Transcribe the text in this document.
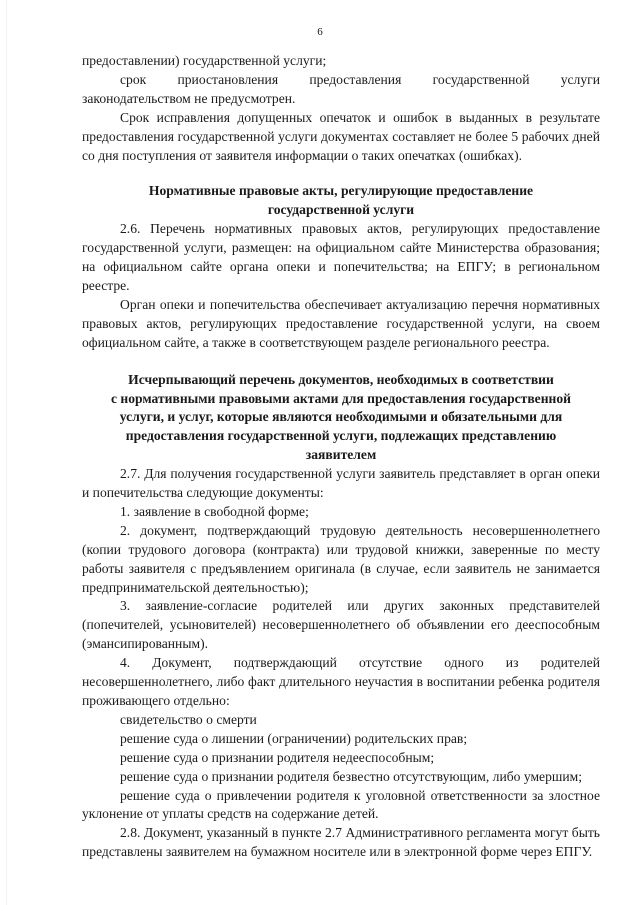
6

предоставлении) государственной услуги;

срок приостановления предоставления государственной услуги законодательством не предусмотрен.

Срок исправления допущенных опечаток и ошибок в выданных в результате предоставления государственной услуги документах составляет не более 5 рабочих дней со дня поступления от заявителя информации о таких опечатках (ошибках).

Нормативные правовые акты, регулирующие предоставление

государственной услуги

2.6. Перечень нормативных правовых актов, регулирующих предоставление государственной услуги, размещен: на официальном сайте Министерства образования; на официальном сайте органа опеки и попечительства; на ЕПГУ; в региональном реестре.

Орган опеки и попечительства обеспечивает актуализацию перечня нормативных правовых актов, регулирующих предоставление государственной услуги, на своем официальном сайте, а также в соответствующем разделе регионального реестра.

Исчерпывающий перечень документов, необходимых в соответствии

с нормативными правовыми актами для предоставления государственной

услуги, и услуг, которые являются необходимыми и обязательными для

предоставления государственной услуги, подлежащих представлению

заявителем

2.7. Для получения государственной услуги заявитель представляет в орган опеки и попечительства следующие документы:

1. заявление в свободной форме;

2. документ, подтверждающий трудовую деятельность несовершеннолетнего (копии трудового договора (контракта) или трудовой книжки, заверенные по месту работы заявителя с предъявлением оригинала (в случае, если заявитель не занимается предпринимательской деятельностью);

3. заявление-согласие родителей или других законных представителей (попечителей, усыновителей) несовершеннолетнего об объявлении его дееспособным (эмансипированным).

4. Документ, подтверждающий отсутствие одного из родителей несовершеннолетнего, либо факт длительного неучастия в воспитании ребенка родителя проживающего отдельно:

свидетельство о смерти

решение суда о лишении (ограничении) родительских прав;

решение суда о признании родителя недееспособным;

решение суда о признании родителя безвестно отсутствующим, либо умершим;

решение суда о привлечении родителя к уголовной ответственности за злостное уклонение от уплаты средств на содержание детей.

2.8. Документ, указанный в пункте 2.7 Административного регламента могут быть представлены заявителем на бумажном носителе или в электронной форме через ЕПГУ.
